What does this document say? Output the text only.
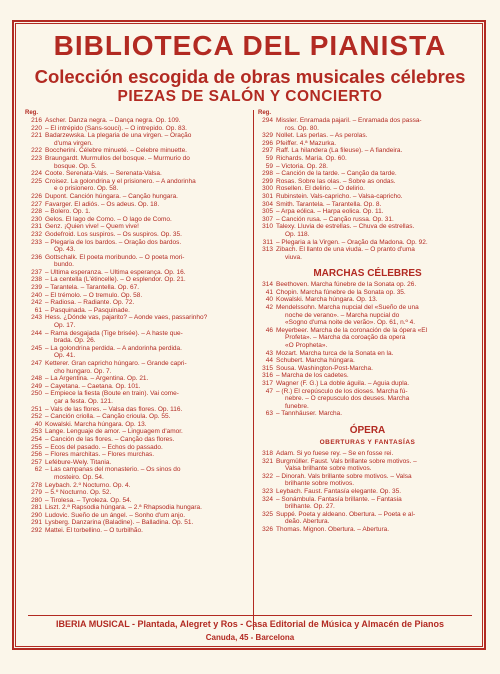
BIBLIOTECA DEL PIANISTA
Colección escogida de obras musicales célebres
PIEZAS DE SALÓN Y CONCIERTO
Reg.	Reg.
216 Ascher. Danza negra. – Dança negra. Op. 109.
220 – El intrépido (Sans-souci). – O intrepido. Op. 83.
221 Badarzewska. La plegaria de una virgen. – Oração
d'uma virgen.
222 Boccherini. Célebre minueté. – Celebre minuette.
223 Braungardt. Murmullos del bosque. – Murmurio do
bosque. Op. 5.
224 Coote. Serenata-Vals. – Serenata-Valsa.
225 Croisez. La golondrina y el prisionero. – A andorinha
e o prisionero. Op. 58.
226 Dupont. Canción húngara. – Canção hungara.
227 Favarger. El adiós. – Os adeus. Op. 18.
228 – Bolero. Op. 1.
230 Gelos. El lago de Como. – O lago de Como.
231 Genz. ¡Quien vive! – Quem vive!
232 Godefroid. Los suspiros. – Os suspiros. Op. 35.
233 – Plegaria de los bardos. – Oração dos bardos.
Op. 43.
236 Gottschalk. El poeta moribundo. – O poeta mori-
bundo.
237 – Ultima esperanza. – Ultima esperança. Op. 16.
238 – La centella (L'étincelle). – O esplendor. Op. 21.
239 – Tarantela. – Tarantella. Op. 67.
240 – El trémolo. – O tremulo. Op. 58.
242 – Radiosa. – Radiante. Op. 72.
61 – Pasquinada. – Pasquinade.
243 Hess. ¿Dónde vas, pajarito? – Aonde vaes, passarinho?
Op. 17.
244 – Rama desgajada (Tige brisée). – A haste que-
brada. Op. 26.
245 – La golondrina perdida. – A andorinha perdida.
Op. 41.
247 Ketterer. Gran capricho húngaro. – Grande capri-
cho hungaro. Op. 7.
248 – La Argentina. – Argentina. Op. 21.
249 – Cayetana. – Caetana. Op. 101.
250 – Empiece la fiesta (Boute en train). Vai come-
çar a festa. Op. 121.
251 – Vals de las flores. – Valsa das flores. Op. 116.
252 – Canción criolla. – Canção crioula. Op. 55.
40 Kowalski. Marcha húngara. Op. 13.
253 Lange. Lenguaje de amor. – Linguagem d'amor.
254 – Canción de las flores. – Canção das flores.
255 – Ecos del pasado. – Echos do passado.
256 – Flores marchitas. – Flores murchas.
257 Lefébure-Wely. Titania.
62 – Las campanas del monasterio. – Os sinos do
mosteiro. Op. 54.
278 Leybach. 2.º Nocturno. Op. 4.
279 – 5.º Nocturno. Op. 52.
280 – Tirolesa. – Tyroleza. Op. 54.
281 Liszt. 2.ª Rapsodia húngara. – 2.ª Rhapsodia hungara.
290 Ludovic. Sueño de un ángel. – Sonho d'um anjo.
291 Lysberg. Danzarina (Baladine). – Balladina. Op. 51.
292 Mattei. El torbellino. – O turbilhão.
294 Missler. Enramada pajaril. – Enramada dos passa-
ros. Op. 80.
329 Nollet. Las perlas. – As perolas.
296 Pfeiffer. 4.ª Mazurka.
297 Raff. La hilandera (La fileuse). – A fiandeira.
59 Richards. María. Op. 60.
59 – Victoria. Op. 28.
298 – Canción de la tarde. – Canção da tarde.
299 Rosas. Sobre las olas. – Sobre as ondas.
300 Rosellen. El delirio. – O delirio.
301 Rubinstein. Vals-capricho. – Valsa-capricho.
304 Smith. Tarantela. – Tarantella. Op. 8.
305 – Arpa eólica. – Harpa eolica. Op. 11.
307 – Canción rusa. – Canção russa. Op. 31.
310 Talexy. Lluvia de estrellas. – Chuva de estrellas.
Op. 118.
311 – Plegaria a la Virgen. – Oração da Madona. Op. 92.
313 Zibach. El llanto de una viuda. – O pranto d'uma
viuva.
MARCHAS CÉLEBRES
314 Beethoven. Marcha fúnebre de la Sonata op. 26.
41 Chopin. Marcha fúnebre de la Sonata op. 35.
40 Kowalski. Marcha húngara. Op. 13.
42 Mendelssohn. Marcha nupcial del «Sueño de una
noche de verano». – Marcha nupcial do
«Sogno d'uma noite de verão». Op. 61, n.º 4.
46 Meyerbeer. Marcha de la coronación de la ópera «El
Profeta». – Marcha da coroação da opera
«O Propheta».
43 Mozart. Marcha turca de la Sonata en la.
44 Schubert. Marcha húngara.
315 Sousa. Washington-Post-Marcha.
316 – Marcha de los cadetes.
317 Wagner (F. G.) La doble águila. – Aguia dupla.
47 – (R.) El crepúsculo de los dioses. Marcha fú-
nebre. – O crepusculo dos deuses. Marcha
funebre.
63 – Tannhäuser. Marcha.
ÓPERA
OBERTURAS Y FANTASÍAS
318 Adam. Si yo fuese rey. – Se en fosse rei.
321 Burgmüller. Faust. Vals brillante sobre motivos. –
Valsa brilhante sobre motivos.
322 – Dinorah. Vals brillante sobre motivos. – Valsa
brilhante sobre motivos.
323 Leybach. Faust. Fantasía elegante. Op. 35.
324 – Sonámbula. Fantasía brillante. – Fantasia
brilhante. Op. 27.
325 Suppé. Poeta y aldeano. Obertura. – Poeta e al-
deão. Abertura.
326 Thomas. Mignon. Obertura. – Abertura.
IBERIA MUSICAL - Plantada, Alegret y Ros - Casa Editorial de Música y Almacén de Pianos
Canuda, 45 - Barcelona
